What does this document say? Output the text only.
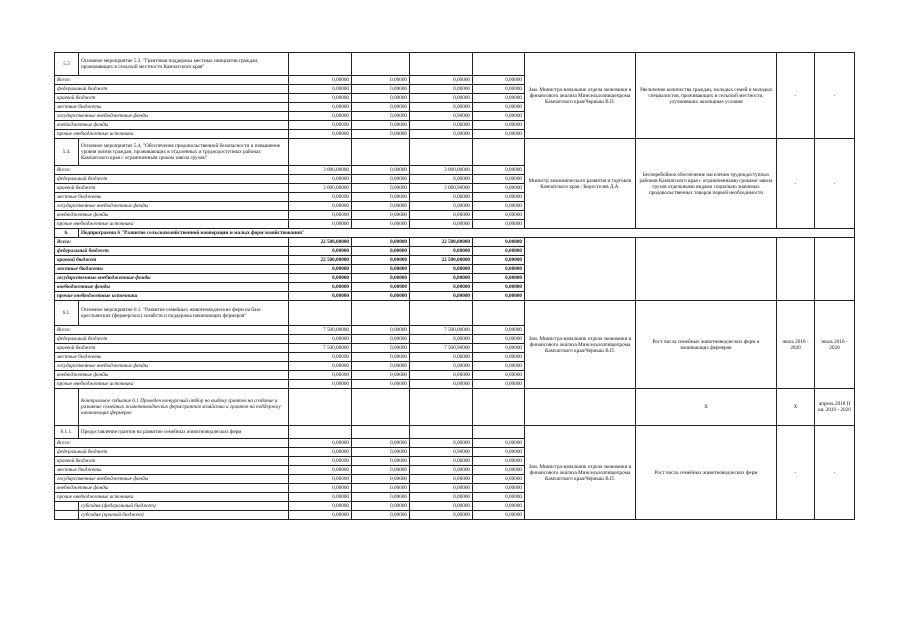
5.3	Основное мероприятие 5.3. "Грантовая поддержка местных инициатив граждан, проживающих в сельской местности Камчатского края"					Зам. Министра-начальник отдела экономики и финансового анализа Минсельхозпищепрома Камчатского края/Черныш В.П.	Увеличение количества граждан, молодых семей и молодых специалистов, проживающих в сельской местности, улучшивших жилищные условия	-	-
Всего:		0,00000	0,00000	0,00000	0,00000				
федеральный бюджет		0,00000	0,00000	0,00000	0,00000				
краевой бюджет		0,00000	0,00000	0,00000	0,00000				
местные бюджеты		0,00000	0,00000	0,00000	0,00000				
государственные внебюджетные фонды		0,00000	0,00000	0,00000	0,00000				
внебюджетные фонды		0,00000	0,00000	0,00000	0,00000				
прочие внебюджетные источники		0,00000	0,00000	0,00000	0,00000				
5.4.	Основное мероприятие 5.4. "Обеспечение продовольственной безопасности и повышение уровня жизни граждан, проживающих в отдаленных и труднодоступных районах Камчатского края с ограниченным сроком завоза грузов"					Министр экономического развития и торговли Камчатского края / Коростелев Д.А.	Бесперебойное обеспечение населения труднодоступных районов Камчатского края с ограниченными сроками завоза грузов отдельными видами социально значимых продовольственных товаров первой необходимости	-	-
Всего:		3 000,00000	0,00000	3 000,00000	0,00000				
федеральный бюджет		0,00000	0,00000	0,00000	0,00000				
краевой бюджет		3 000,00000	0,00000	3 000,00000	0,00000				
местные бюджеты		0,00000	0,00000	0,00000	0,00000				
государственные внебюджетные фонды		0,00000	0,00000	0,00000	0,00000				
внебюджетные фонды		0,00000	0,00000	0,00000	0,00000				
прочие внебюджетные источники		0,00000	0,00000	0,00000	0,00000				
6.	Подпрограмма 6 "Развитие сельскохозяйственной кооперации и малых форм хозяйствования"								
Всего:		22 500,00000	0,00000	22 500,00000	0,00000				
федеральный бюджет		0,00000	0,00000	0,00000	0,00000				
краевой бюджет		22 500,00000	0,00000	22 500,00000	0,00000				
местные бюджеты		0,00000	0,00000	0,00000	0,00000				
государственные внебюджетные фонды		0,00000	0,00000	0,00000	0,00000				
внебюджетные фонды		0,00000	0,00000	0,00000	0,00000				
прочие внебюджетные источники		0,00000	0,00000	0,00000	0,00000				
6.1.	Основное мероприятие 6.1. "Развитие семейных животноводческих ферм на базе крестьянских (фермерских) хозяйств и поддержка начинающих фермеров"					Зам. Министра-начальник отдела экономики и финансового анализа Минсельхозпищепрома Камчатского края/Черныш В.П.	Рост числа семейных животноводческих ферм и начинающих фермеров	июль 2018 - 2020	июль 2018 - 2020
Всего:		7 500,00000	0,00000	7 500,00000	0,00000				
федеральный бюджет		0,00000	0,00000	0,00000	0,00000				
краевой бюджет		7 500,00000	0,00000	7 500,00000	0,00000				
местные бюджеты		0,00000	0,00000	0,00000	0,00000				
государственные внебюджетные фонды		0,00000	0,00000	0,00000	0,00000				
внебюджетные фонды		0,00000	0,00000	0,00000	0,00000				
прочие внебюджетные источники		0,00000	0,00000	0,00000	0,00000				
	Контрольное событие 6.1 Проведен конкурсный отбор на выдачу грантов на создание и развитие семейных животноводческих ферм/грантов хозяйства и грантов на поддержку начинающих фермеров						X	X	апрель 2018 II кв. 2019 - 2020
6.1.1.	Предоставление грантов на развитие семейных животноводческих ферм					Зам. Министра-начальник отдела экономики и финансового анализа Минсельхозпищепрома Камчатского края/Черныш В.П.	Рост числа семейных животноводческих ферм	-	-
Всего:		0,00000	0,00000	0,00000	0,00000				
федеральный бюджет		0,00000	0,00000	0,00000	0,00000				
краевой бюджет		0,00000	0,00000	0,00000	0,00000				
местные бюджеты		0,00000	0,00000	0,00000	0,00000				
государственные внебюджетные фонды		0,00000	0,00000	0,00000	0,00000				
внебюджетные фонды		0,00000	0,00000	0,00000	0,00000				
прочие внебюджетные источники		0,00000	0,00000	0,00000	0,00000				
	субсидия (федеральный бюджет)	0,00000	0,00000	0,00000	0,00000				
	субсидия (краевой бюджет)	0,00000	0,00000	0,00000	0,00000				
